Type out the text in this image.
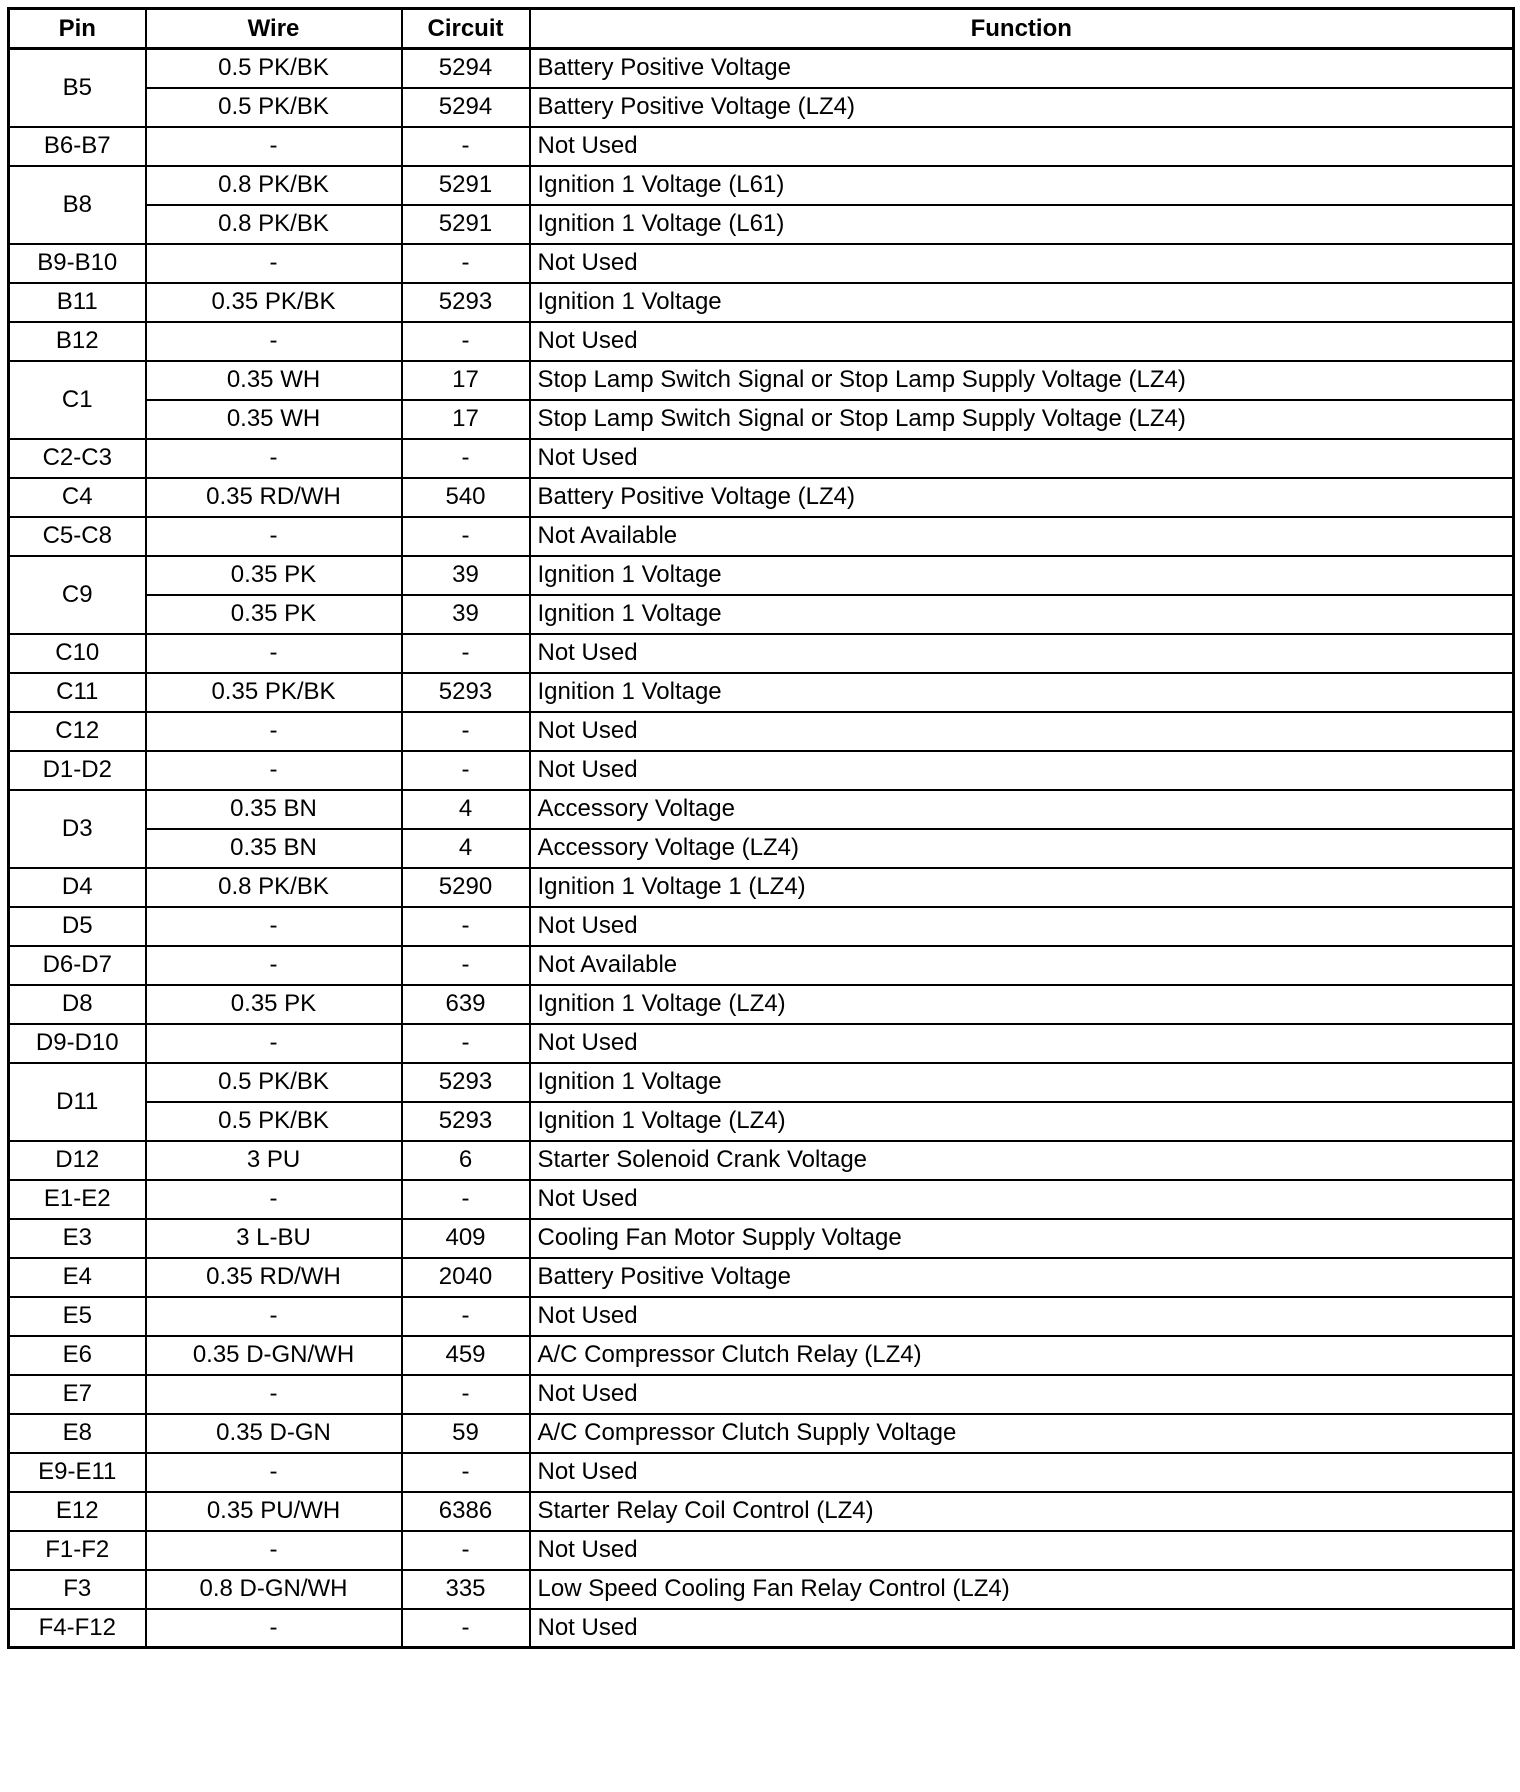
Pin	Wire	Circuit	Function
B5	0.5 PK/BK	5294	Battery Positive Voltage
	0.5 PK/BK	5294	Battery Positive Voltage (LZ4)
B6-B7	-	-	Not Used
B8	0.8 PK/BK	5291	Ignition 1 Voltage (L61)
	0.8 PK/BK	5291	Ignition 1 Voltage (L61)
B9-B10	-	-	Not Used
B11	0.35 PK/BK	5293	Ignition 1 Voltage
B12	-	-	Not Used
C1	0.35 WH	17	Stop Lamp Switch Signal or Stop Lamp Supply Voltage (LZ4)
	0.35 WH	17	Stop Lamp Switch Signal or Stop Lamp Supply Voltage (LZ4)
C2-C3	-	-	Not Used
C4	0.35 RD/WH	540	Battery Positive Voltage (LZ4)
C5-C8	-	-	Not Available
C9	0.35 PK	39	Ignition 1 Voltage
	0.35 PK	39	Ignition 1 Voltage
C10	-	-	Not Used
C11	0.35 PK/BK	5293	Ignition 1 Voltage
C12	-	-	Not Used
D1-D2	-	-	Not Used
D3	0.35 BN	4	Accessory Voltage
	0.35 BN	4	Accessory Voltage (LZ4)
D4	0.8 PK/BK	5290	Ignition 1 Voltage 1 (LZ4)
D5	-	-	Not Used
D6-D7	-	-	Not Available
D8	0.35 PK	639	Ignition 1 Voltage (LZ4)
D9-D10	-	-	Not Used
D11	0.5 PK/BK	5293	Ignition 1 Voltage
	0.5 PK/BK	5293	Ignition 1 Voltage (LZ4)
D12	3 PU	6	Starter Solenoid Crank Voltage
E1-E2	-	-	Not Used
E3	3 L-BU	409	Cooling Fan Motor Supply Voltage
E4	0.35 RD/WH	2040	Battery Positive Voltage
E5	-	-	Not Used
E6	0.35 D-GN/WH	459	A/C Compressor Clutch Relay (LZ4)
E7	-	-	Not Used
E8	0.35 D-GN	59	A/C Compressor Clutch Supply Voltage
E9-E11	-	-	Not Used
E12	0.35 PU/WH	6386	Starter Relay Coil Control (LZ4)
F1-F2	-	-	Not Used
F3	0.8 D-GN/WH	335	Low Speed Cooling Fan Relay Control (LZ4)
F4-F12	-	-	Not Used
